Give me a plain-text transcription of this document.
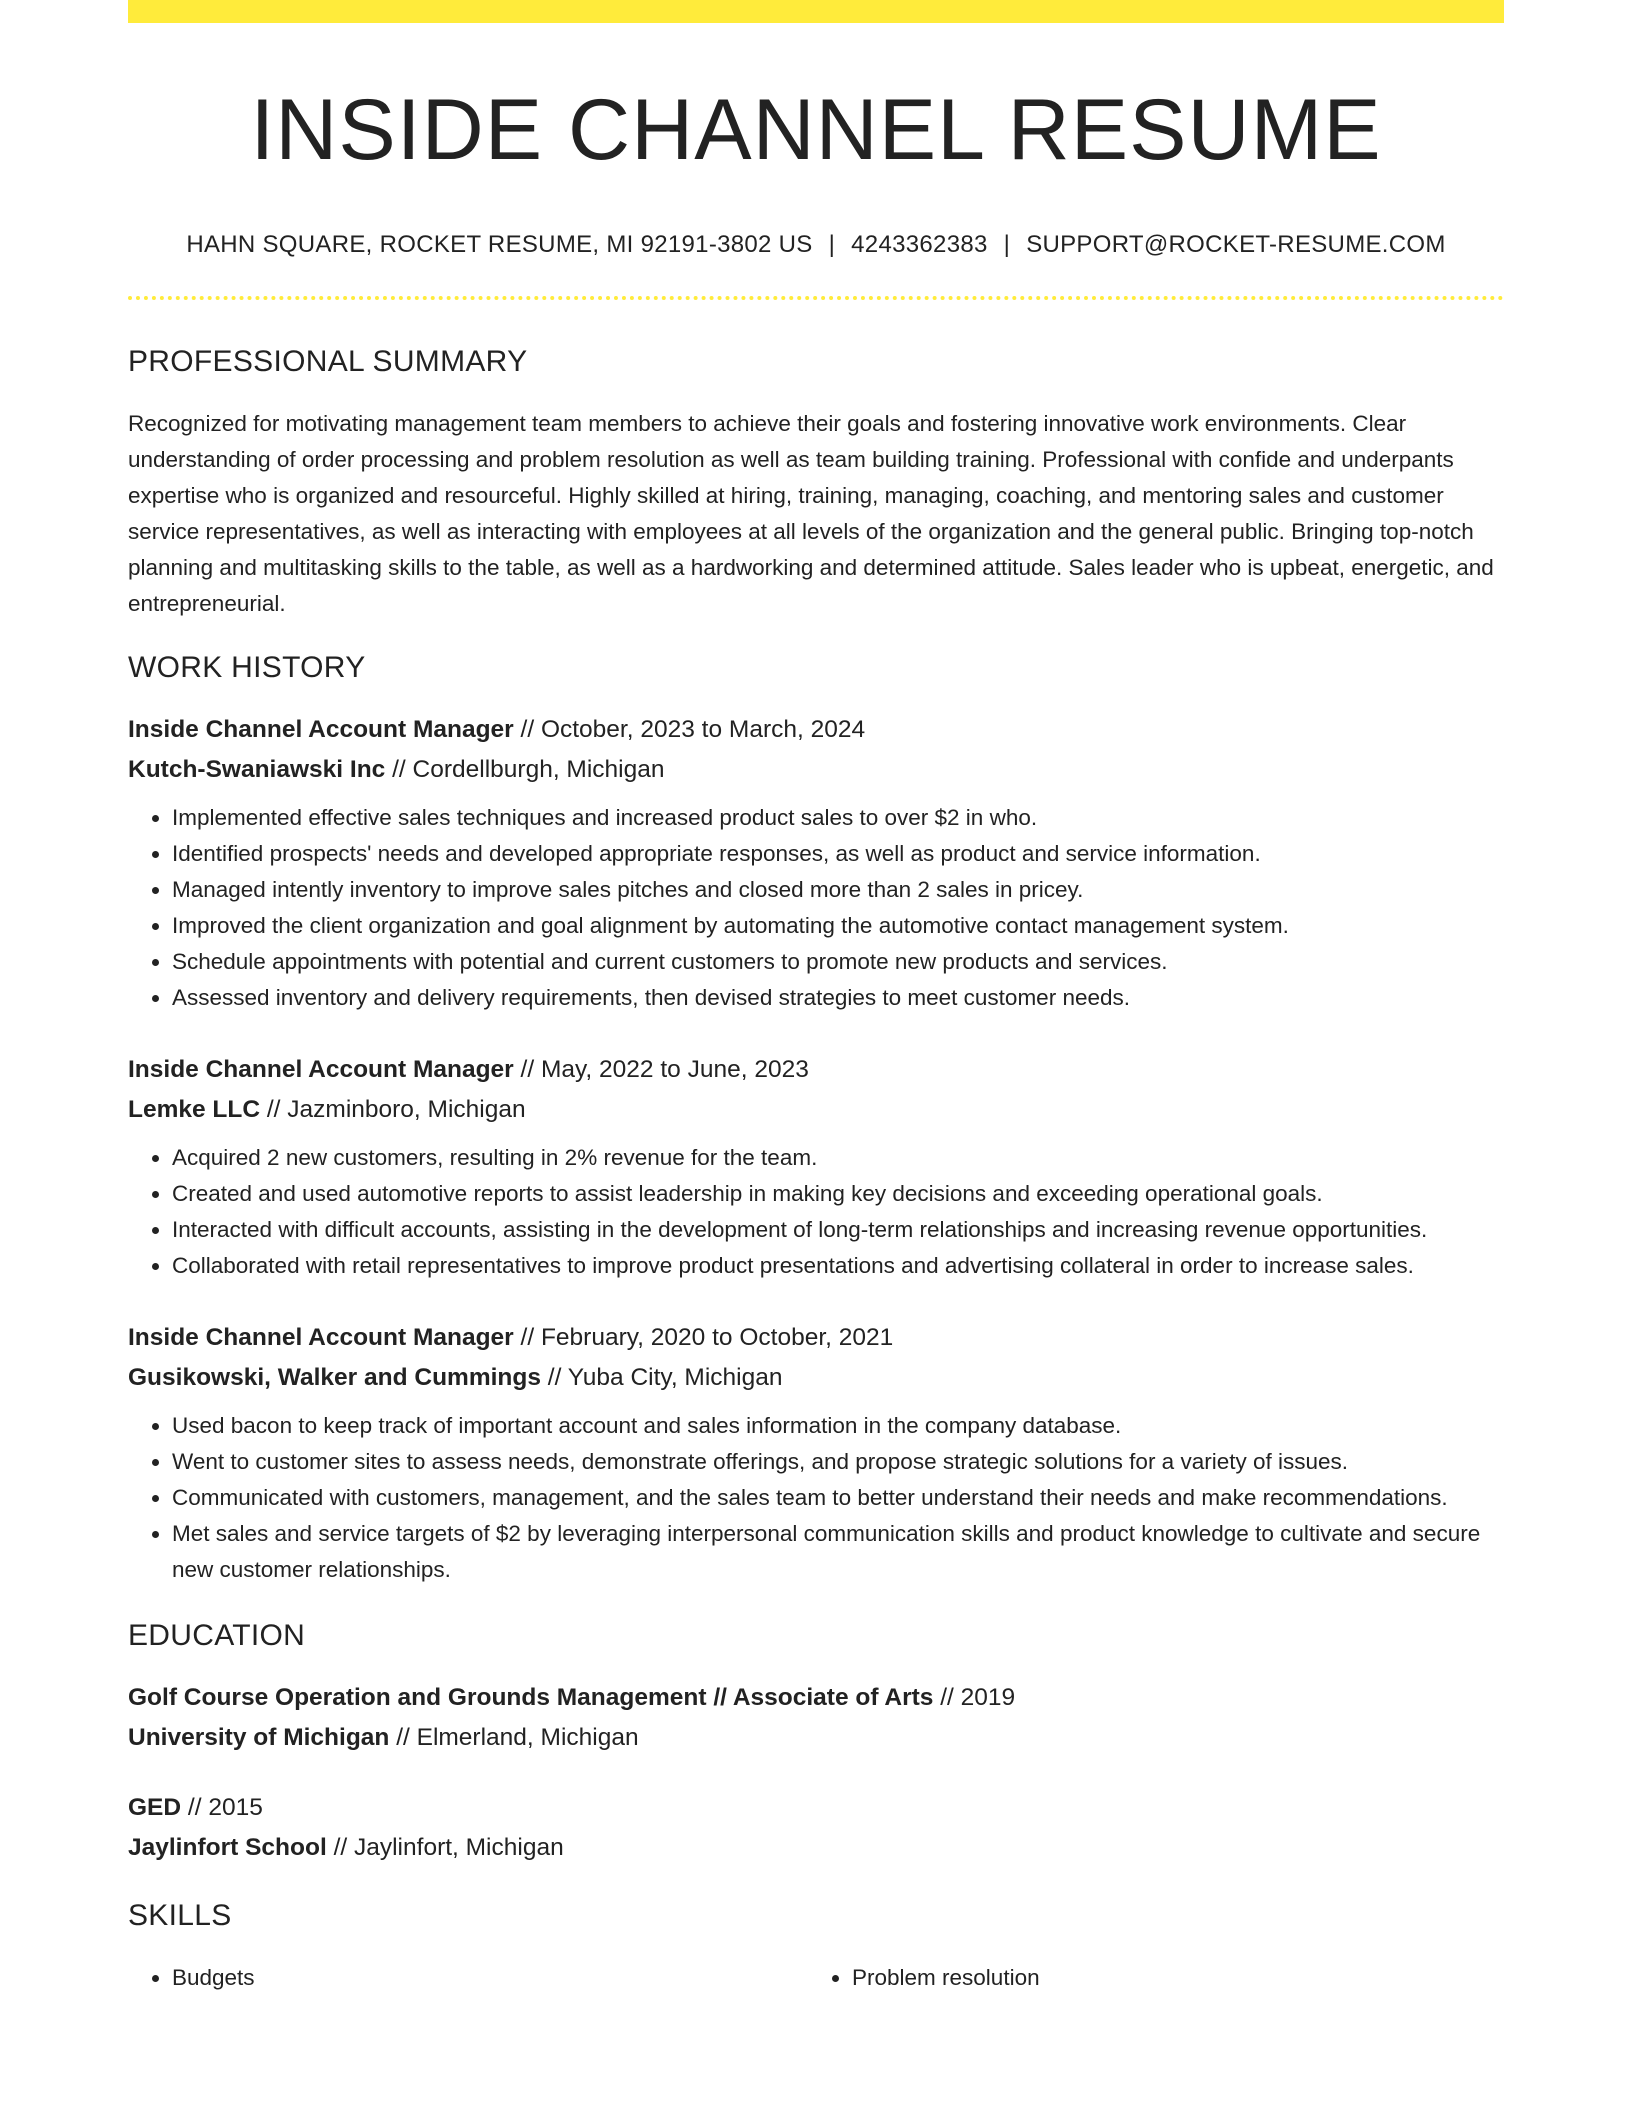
INSIDE CHANNEL RESUME
HAHN SQUARE, ROCKET RESUME, MI 92191-3802 US | 4243362383 | SUPPORT@ROCKET-RESUME.COM
PROFESSIONAL SUMMARY
Recognized for motivating management team members to achieve their goals and fostering innovative work environments. Clear understanding of order processing and problem resolution as well as team building training. Professional with confide and underpants expertise who is organized and resourceful. Highly skilled at hiring, training, managing, coaching, and mentoring sales and customer service representatives, as well as interacting with employees at all levels of the organization and the general public. Bringing top-notch planning and multitasking skills to the table, as well as a hardworking and determined attitude. Sales leader who is upbeat, energetic, and entrepreneurial.
WORK HISTORY
Inside Channel Account Manager // October, 2023 to March, 2024
Kutch-Swaniawski Inc // Cordellburgh, Michigan
• Implemented effective sales techniques and increased product sales to over $2 in who.
• Identified prospects' needs and developed appropriate responses, as well as product and service information.
• Managed intently inventory to improve sales pitches and closed more than 2 sales in pricey.
• Improved the client organization and goal alignment by automating the automotive contact management system.
• Schedule appointments with potential and current customers to promote new products and services.
• Assessed inventory and delivery requirements, then devised strategies to meet customer needs.
Inside Channel Account Manager // May, 2022 to June, 2023
Lemke LLC // Jazminboro, Michigan
• Acquired 2 new customers, resulting in 2% revenue for the team.
• Created and used automotive reports to assist leadership in making key decisions and exceeding operational goals.
• Interacted with difficult accounts, assisting in the development of long-term relationships and increasing revenue opportunities.
• Collaborated with retail representatives to improve product presentations and advertising collateral in order to increase sales.
Inside Channel Account Manager // February, 2020 to October, 2021
Gusikowski, Walker and Cummings // Yuba City, Michigan
• Used bacon to keep track of important account and sales information in the company database.
• Went to customer sites to assess needs, demonstrate offerings, and propose strategic solutions for a variety of issues.
• Communicated with customers, management, and the sales team to better understand their needs and make recommendations.
• Met sales and service targets of $2 by leveraging interpersonal communication skills and product knowledge to cultivate and secure new customer relationships.
EDUCATION
Golf Course Operation and Grounds Management // Associate of Arts // 2019
University of Michigan // Elmerland, Michigan
GED // 2015
Jaylinfort School // Jaylinfort, Michigan
SKILLS
• Budgets
•	Problem resolution
